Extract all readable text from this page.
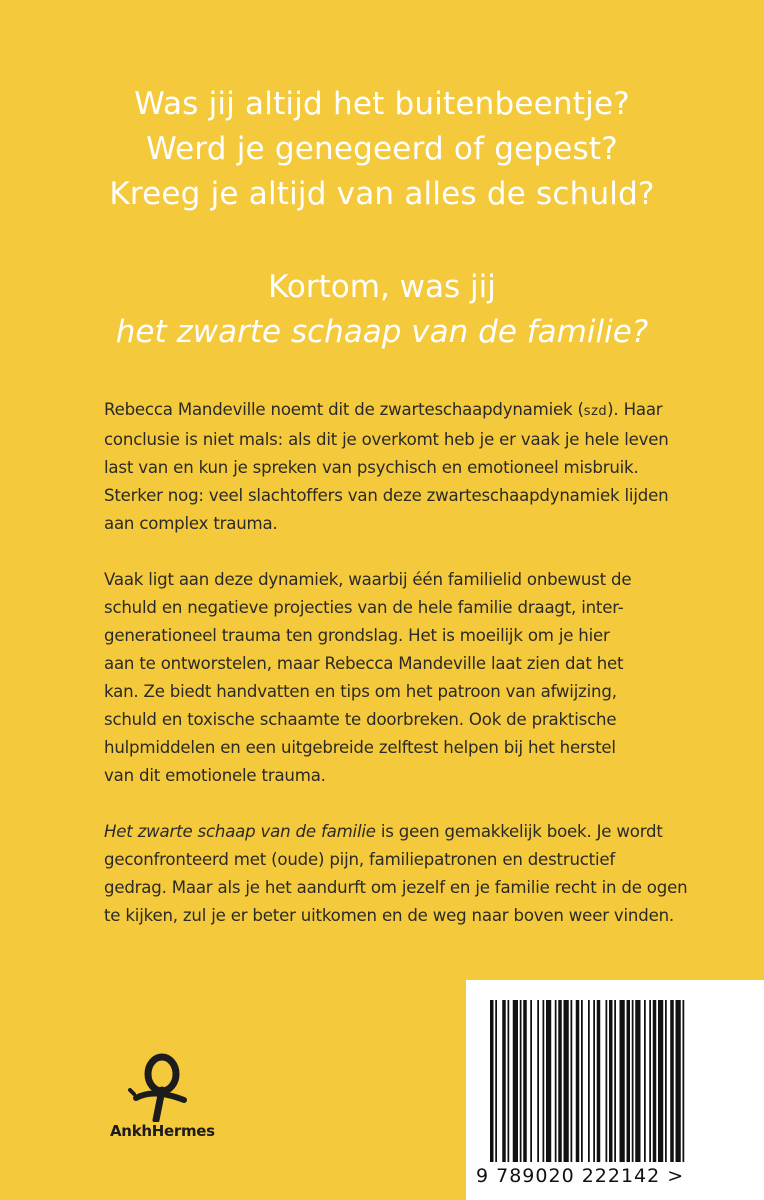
Was jij altijd het buitenbeentje?
Werd je genegeerd of gepest?
Kreeg je altijd van alles de schuld?
Kortom, was jij
het zwarte schaap van de familie?

Rebecca Mandeville noemt dit de zwarteschaapdynamiek (szd). Haar
conclusie is niet mals: als dit je overkomt heb je er vaak je hele leven
last van en kun je spreken van psychisch en emotioneel misbruik.
Sterker nog: veel slachtoffers van deze zwarteschaapdynamiek lijden
aan complex trauma.

Vaak ligt aan deze dynamiek, waarbij één familielid onbewust de
schuld en negatieve projecties van de hele familie draagt, inter-
generationeel trauma ten grondslag. Het is moeilijk om je hier
aan te ontworstelen, maar Rebecca Mandeville laat zien dat het
kan. Ze biedt handvatten en tips om het patroon van afwijzing,
schuld en toxische schaamte te doorbreken. Ook de praktische
hulpmiddelen en een uitgebreide zelftest helpen bij het herstel
van dit emotionele trauma.

Het zwarte schaap van de familie is geen gemakkelijk boek. Je wordt
geconfronteerd met (oude) pijn, familiepatronen en destructief
gedrag. Maar als je het aandurft om jezelf en je familie recht in de ogen
te kijken, zul je er beter uitkomen en de weg naar boven weer vinden.

AnkhHermes
9 789020 222142 >
